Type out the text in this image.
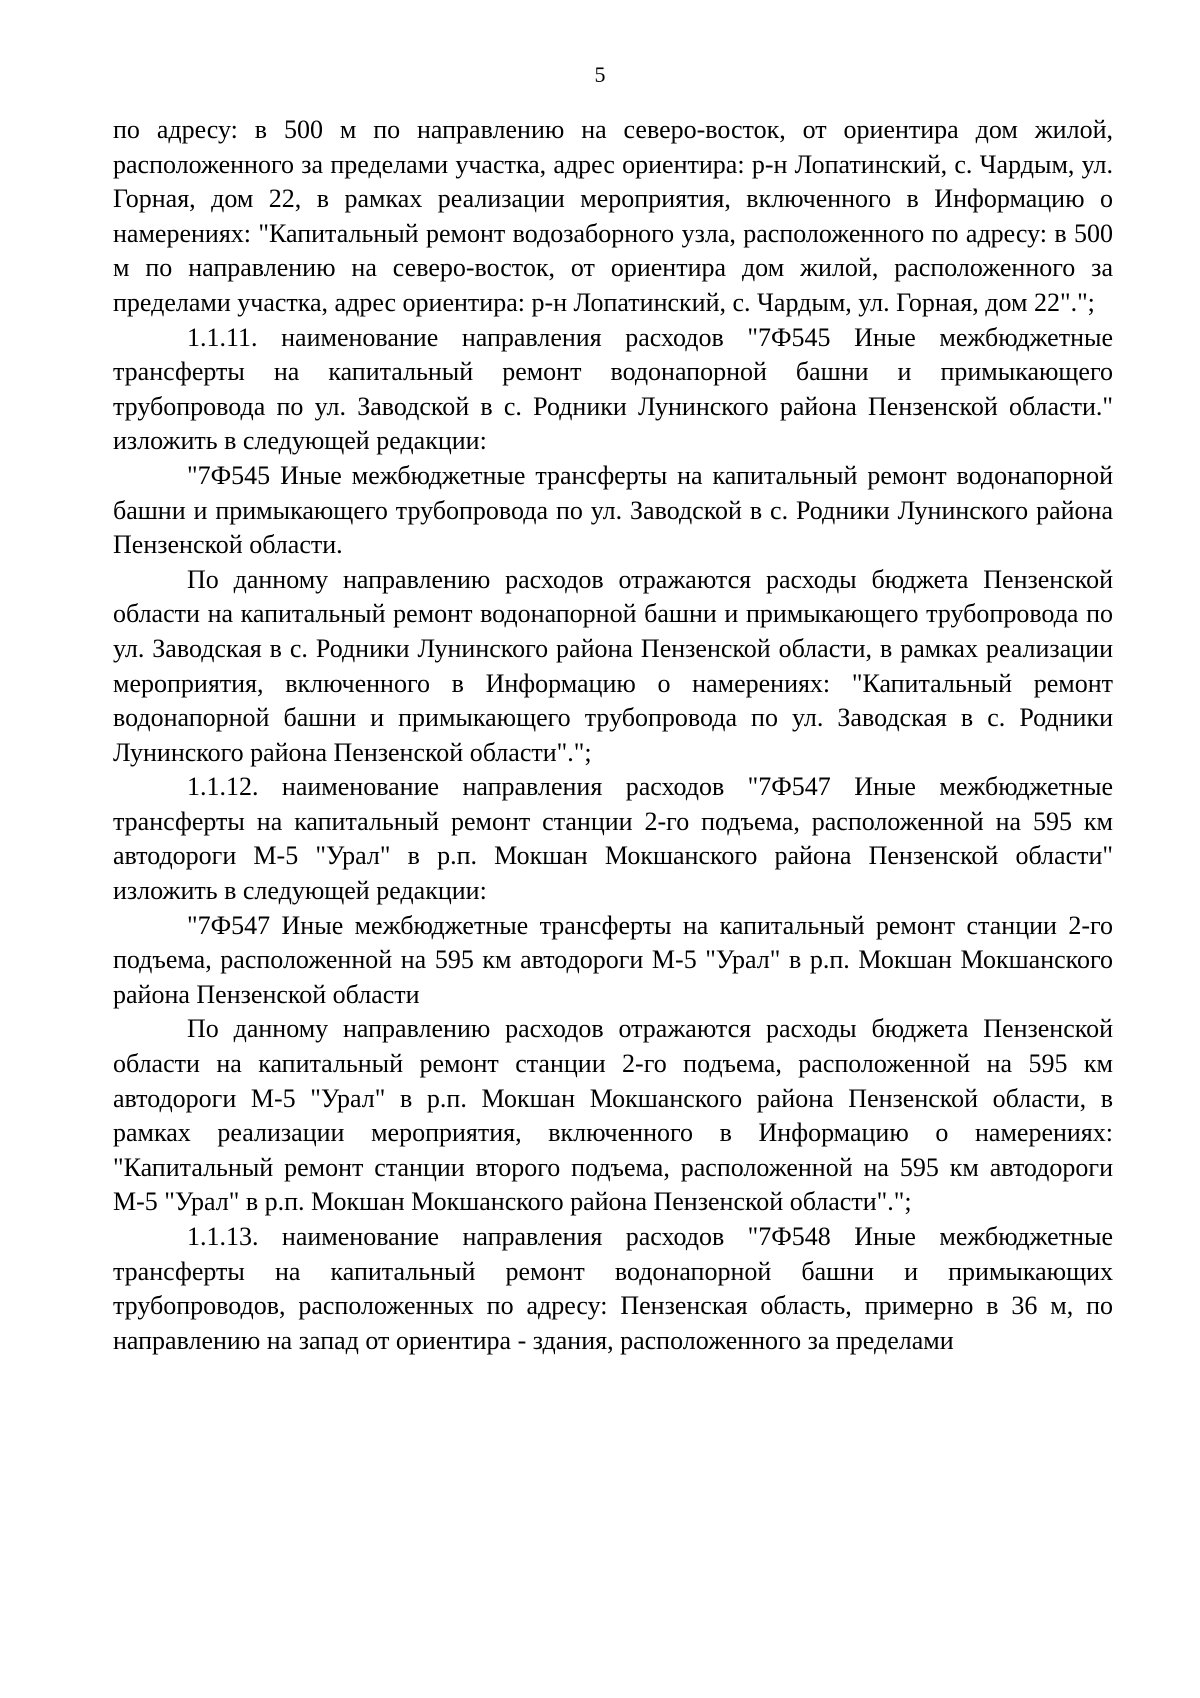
5

по адресу: в 500 м по направлению на северо-восток, от ориентира дом жилой, расположенного за пределами участка, адрес ориентира: р-н Лопатинский, с. Чардым, ул. Горная, дом 22, в рамках реализации мероприятия, включенного в Информацию о намерениях: "Капитальный ремонт водозаборного узла, расположенного по адресу: в 500 м по направлению на северо-восток, от ориентира дом жилой, расположенного за пределами участка, адрес ориентира: р-н Лопатинский, с. Чардым, ул. Горная, дом 22".";

1.1.11. наименование направления расходов "7Ф545 Иные межбюджетные трансферты на капитальный ремонт водонапорной башни и примыкающего трубопровода по ул. Заводской в с. Родники Лунинского района Пензенской области." изложить в следующей редакции:

"7Ф545 Иные межбюджетные трансферты на капитальный ремонт водонапорной башни и примыкающего трубопровода по ул. Заводской в с. Родники Лунинского района Пензенской области.

По данному направлению расходов отражаются расходы бюджета Пензенской области на капитальный ремонт водонапорной башни и примыкающего трубопровода по ул. Заводская в с. Родники Лунинского района Пензенской области, в рамках реализации мероприятия, включенного в Информацию о намерениях: "Капитальный ремонт водонапорной башни и примыкающего трубопровода по ул. Заводская в с. Родники Лунинского района Пензенской области".";

1.1.12. наименование направления расходов "7Ф547 Иные межбюджетные трансферты на капитальный ремонт станции 2-го подъема, расположенной на 595 км автодороги М-5 "Урал" в р.п. Мокшан Мокшанского района Пензенской области" изложить в следующей редакции:

"7Ф547 Иные межбюджетные трансферты на капитальный ремонт станции 2-го подъема, расположенной на 595 км автодороги М-5 "Урал" в р.п. Мокшан Мокшанского района Пензенской области

По данному направлению расходов отражаются расходы бюджета Пензенской области на капитальный ремонт станции 2-го подъема, расположенной на 595 км автодороги М-5 "Урал" в р.п. Мокшан Мокшанского района Пензенской области, в рамках реализации мероприятия, включенного в Информацию о намерениях: "Капитальный ремонт станции второго подъема, расположенной на 595 км автодороги М-5 "Урал" в р.п. Мокшан Мокшанского района Пензенской области".";

1.1.13. наименование направления расходов "7Ф548 Иные межбюджетные трансферты на капитальный ремонт водонапорной башни и примыкающих трубопроводов, расположенных по адресу: Пензенская область, примерно в 36 м, по направлению на запад от ориентира - здания, расположенного за пределами
